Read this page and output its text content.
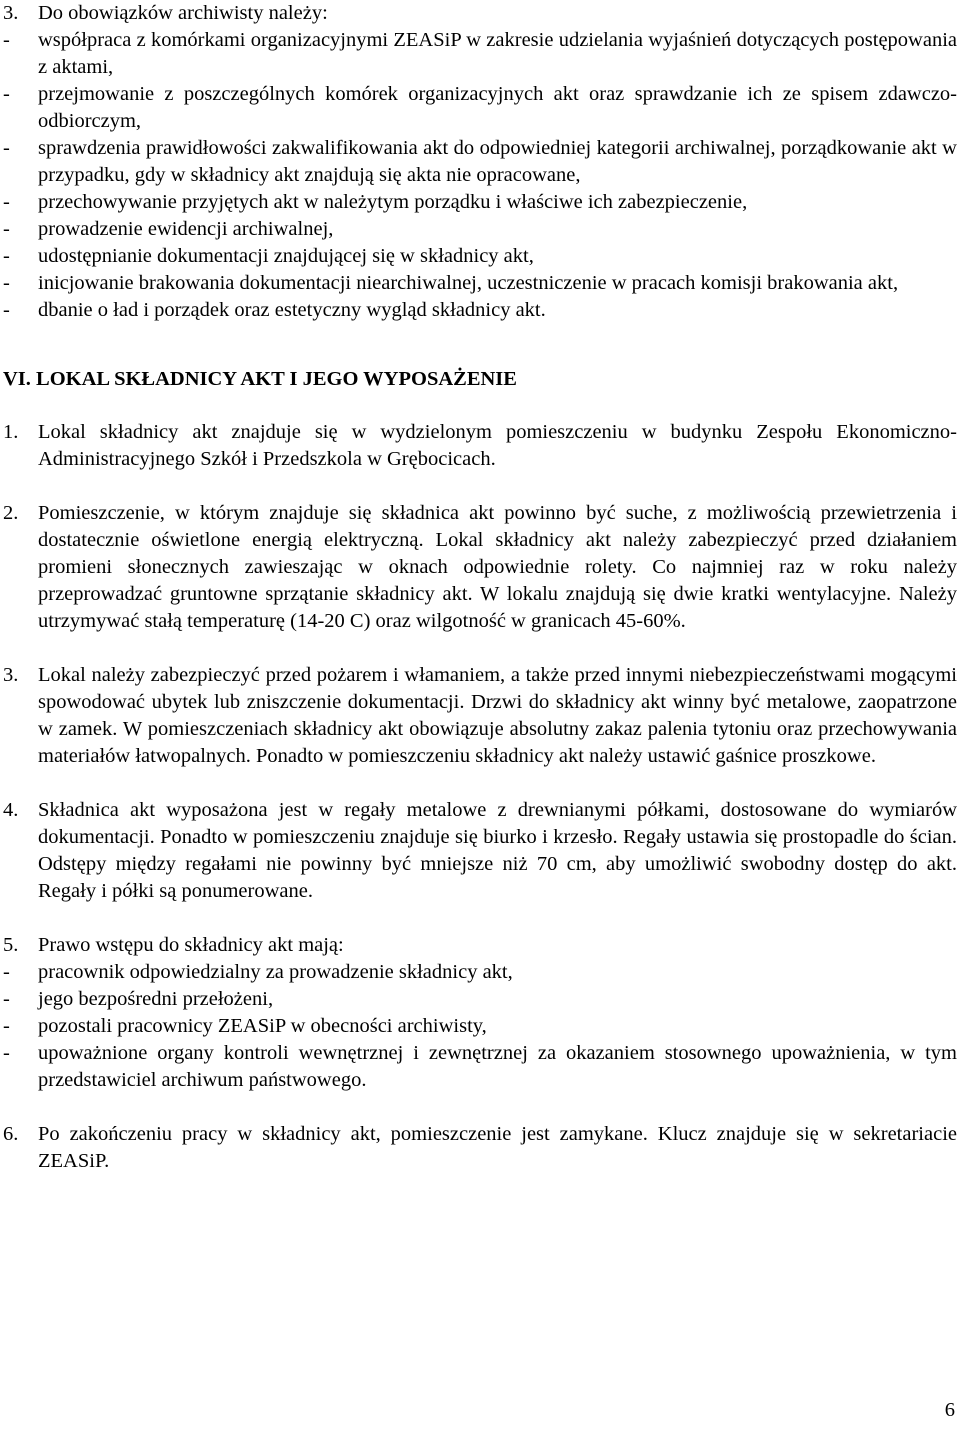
3. Do obowiązków archiwisty należy:
-	współpraca z komórkami organizacyjnymi ZEASiP w zakresie udzielania wyjaśnień dotyczących postępowania z aktami,
-	przejmowanie z poszczególnych komórek organizacyjnych akt oraz sprawdzanie ich ze spisem zdawczo-odbiorczym,
-	sprawdzenia prawidłowości zakwalifikowania akt do odpowiedniej kategorii archiwalnej, porządkowanie akt w przypadku, gdy w składnicy akt znajdują się akta nie opracowane,
-	przechowywanie przyjętych akt w należytym porządku i właściwe ich zabezpieczenie,
-	prowadzenie ewidencji archiwalnej,
-	udostępnianie dokumentacji znajdującej się w składnicy akt,
-	inicjowanie brakowania dokumentacji niearchiwalnej, uczestniczenie w pracach komisji brakowania akt,
-	dbanie o ład i porządek oraz estetyczny wygląd składnicy akt.
VI. LOKAL SKŁADNICY AKT I JEGO WYPOSAŻENIE
1. Lokal składnicy akt znajduje się w wydzielonym pomieszczeniu w budynku Zespołu Ekonomiczno-Administracyjnego Szkół i Przedszkola w Grębocicach.
2. Pomieszczenie, w którym znajduje się składnica akt powinno być suche, z możliwością przewietrzenia i dostatecznie oświetlone energią elektryczną. Lokal składnicy akt należy zabezpieczyć przed działaniem promieni słonecznych zawieszając w oknach odpowiednie rolety. Co najmniej raz w roku należy przeprowadzać gruntowne sprzątanie składnicy akt. W lokalu znajdują się dwie kratki wentylacyjne. Należy utrzymywać stałą temperaturę (14-20 C) oraz wilgotność w granicach 45-60%.
3. Lokal należy zabezpieczyć przed pożarem i włamaniem, a także przed innymi niebezpieczeństwami mogącymi spowodować ubytek lub zniszczenie dokumentacji. Drzwi do składnicy akt winny być metalowe, zaopatrzone w zamek. W pomieszczeniach składnicy akt obowiązuje absolutny zakaz palenia tytoniu oraz przechowywania materiałów łatwopalnych. Ponadto w pomieszczeniu składnicy akt należy ustawić gaśnice proszkowe.
4. Składnica akt wyposażona jest w regały metalowe z drewnianymi półkami, dostosowane do wymiarów dokumentacji. Ponadto w pomieszczeniu znajduje się biurko i krzesło. Regały ustawia się prostopadle do ścian. Odstępy między regałami nie powinny być mniejsze niż 70 cm, aby umożliwić swobodny dostęp do akt. Regały i półki są ponumerowane.
5. Prawo wstępu do składnicy akt mają:
-	pracownik odpowiedzialny za prowadzenie składnicy akt,
-	jego bezpośredni przełożeni,
-	pozostali pracownicy ZEASiP w obecności archiwisty,
-	upoważnione organy kontroli wewnętrznej i zewnętrznej za okazaniem stosownego upoważnienia, w tym przedstawiciel archiwum państwowego.
6. Po zakończeniu pracy w składnicy akt, pomieszczenie jest zamykane. Klucz znajduje się w sekretariacie ZEASiP.
6
